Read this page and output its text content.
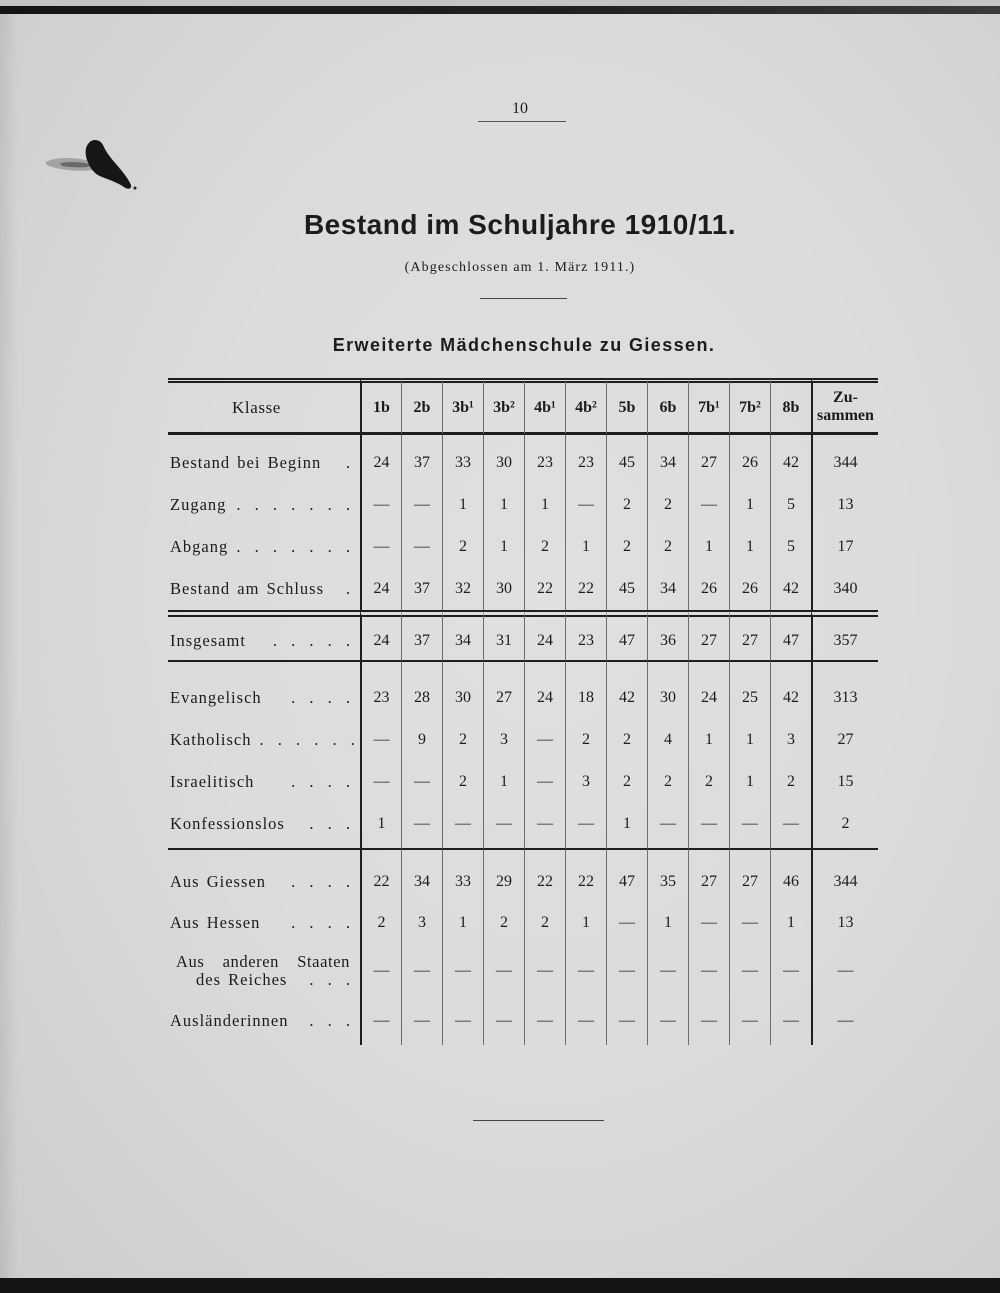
10
Bestand im Schuljahre 1910/11.
(Abgeschlossen am 1. März 1911.)
Erweiterte Mädchenschule zu Giessen.
Klasse	1b	2b	3b¹	3b²	4b¹	4b²	5b	6b	7b¹	7b²	8b	Zu-
sammen

Bestand bei Beginn .	24	37	33	30	23	23	45	34	27	26	42	344

Zugang . . . . . . .	—	—	1	1	1	—	2	2	—	1	5	13

Abgang . . . . . . .	—	—	2	1	2	1	2	2	1	1	5	17

Bestand am Schluss .	24	37	32	30	22	22	45	34	26	26	42	340

Insgesamt . . . . .	24	37	34	31	24	23	47	36	27	27	47	357

Evangelisch . . . .	23	28	30	27	24	18	42	30	24	25	42	313

Katholisch . . . . . .	—	9	2	3	—	2	2	4	1	1	3	27

Israelitisch . . . .	—	—	2	1	—	3	2	2	2	1	2	15

Konfessionslos . . .	1	—	—	—	—	—	1	—	—	—	—	2

Aus Giessen . . . .	22	34	33	29	22	22	47	35	27	27	46	344

Aus Hessen . . . .	2	3	1	2	2	1	—	1	—	—	1	13

Aus anderen Staaten
des Reiches . . .	—	—	—	—	—	—	—	—	—	—	—	—

Ausländerinnen . . .	—	—	—	—	—	—	—	—	—	—	—	—
